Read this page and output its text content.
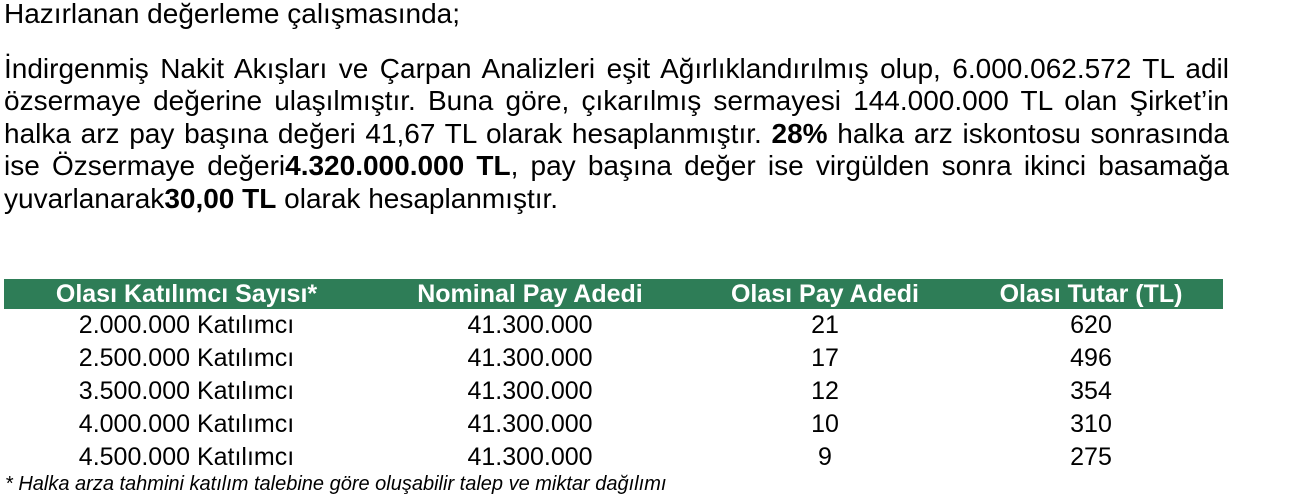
Hazırlanan değerleme çalışmasında;
İndirgenmiş Nakit Akışları ve Çarpan Analizleri eşit Ağırlıklandırılmış olup, 6.000.062.572 TL adil özsermaye değerine ulaşılmıştır. Buna göre, çıkarılmış sermayesi 144.000.000 TL olan Şirket’in halka arz pay başına değeri 41,67 TL olarak hesaplanmıştır. 28% halka arz iskontosu sonrasında ise Özsermaye değeri4.320.000.000 TL, pay başına değer ise virgülden sonra ikinci basamağa yuvarlanarak30,00 TL olarak hesaplanmıştır.
Olası Katılımcı Sayısı*	Nominal Pay Adedi	Olası Pay Adedi	Olası Tutar (TL)
2.000.000 Katılımcı	41.300.000	21	620
2.500.000 Katılımcı	41.300.000	17	496
3.500.000 Katılımcı	41.300.000	12	354
4.000.000 Katılımcı	41.300.000	10	310
4.500.000 Katılımcı	41.300.000	9	275
* Halka arza tahmini katılım talebine göre oluşabilir talep ve miktar dağılımı
